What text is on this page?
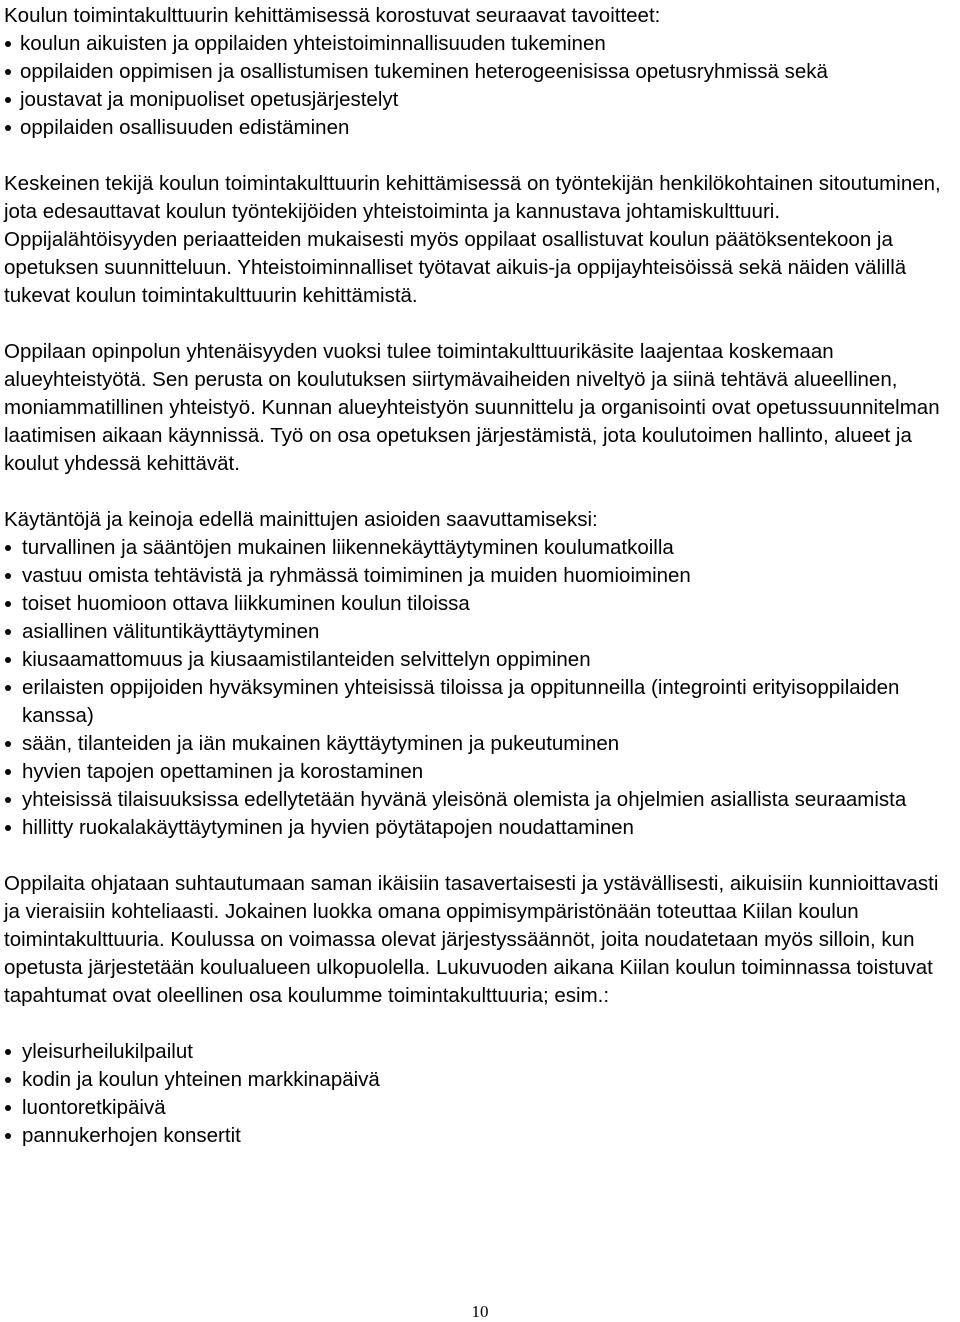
Koulun toimintakulttuurin kehittämisessä korostuvat seuraavat tavoitteet:

koulun aikuisten ja oppilaiden yhteistoiminnallisuuden tukeminen
oppilaiden oppimisen ja osallistumisen tukeminen heterogeenisissa opetusryhmissä sekä
joustavat ja monipuoliset opetusjärjestelyt
oppilaiden osallisuuden edistäminen

Keskeinen tekijä koulun toimintakulttuurin kehittämisessä on työntekijän henkilökohtainen sitoutuminen, jota edesauttavat koulun työntekijöiden yhteistoiminta ja kannustava johtamiskulttuuri. Oppijalähtöisyyden periaatteiden mukaisesti myös oppilaat osallistuvat koulun päätöksentekoon ja opetuksen suunnitteluun. Yhteistoiminnalliset työtavat aikuis-ja oppijayhteisöissä sekä näiden välillä tukevat koulun toimintakulttuurin kehittämistä.

Oppilaan opinpolun yhtenäisyyden vuoksi tulee toimintakulttuurikäsite laajentaa koskemaan alueyhteistyötä. Sen perusta on koulutuksen siirtymävaiheiden niveltyö ja siinä tehtävä alueellinen, moniammatillinen yhteistyö. Kunnan alueyhteistyön suunnittelu ja organisointi ovat opetussuunnitelman laatimisen aikaan käynnissä. Työ on osa opetuksen järjestämistä, jota koulutoimen hallinto, alueet ja koulut yhdessä kehittävät.

Käytäntöjä ja keinoja edellä mainittujen asioiden saavuttamiseksi:

turvallinen ja sääntöjen mukainen liikennekäyttäytyminen koulumatkoilla
vastuu omista tehtävistä ja ryhmässä toimiminen ja muiden huomioiminen
toiset huomioon ottava liikkuminen koulun tiloissa
asiallinen välituntikäyttäytyminen
kiusaamattomuus ja kiusaamistilanteiden selvittelyn oppiminen
erilaisten oppijoiden hyväksyminen yhteisissä tiloissa ja oppitunneilla (integrointi erityisoppilaiden kanssa)
sään, tilanteiden ja iän mukainen käyttäytyminen ja pukeutuminen
hyvien tapojen opettaminen ja korostaminen
yhteisissä tilaisuuksissa edellytetään hyvänä yleisönä olemista ja ohjelmien asiallista seuraamista
hillitty ruokalakäyttäytyminen ja hyvien pöytätapojen noudattaminen

Oppilaita ohjataan suhtautumaan saman ikäisiin tasavertaisesti ja ystävällisesti, aikuisiin kunnioittavasti ja vieraisiin kohteliaasti. Jokainen luokka omana oppimisympäristönään toteuttaa Kiilan koulun toimintakulttuuria. Koulussa on voimassa olevat järjestyssäännöt, joita noudatetaan myös silloin, kun opetusta järjestetään koulualueen ulkopuolella. Lukuvuoden aikana Kiilan koulun toiminnassa toistuvat tapahtumat ovat oleellinen osa koulumme toimintakulttuuria; esim.:

yleisurheilukilpailut
kodin ja koulun yhteinen markkinapäivä
luontoretkipäivä
pannukerhojen konsertit
10
